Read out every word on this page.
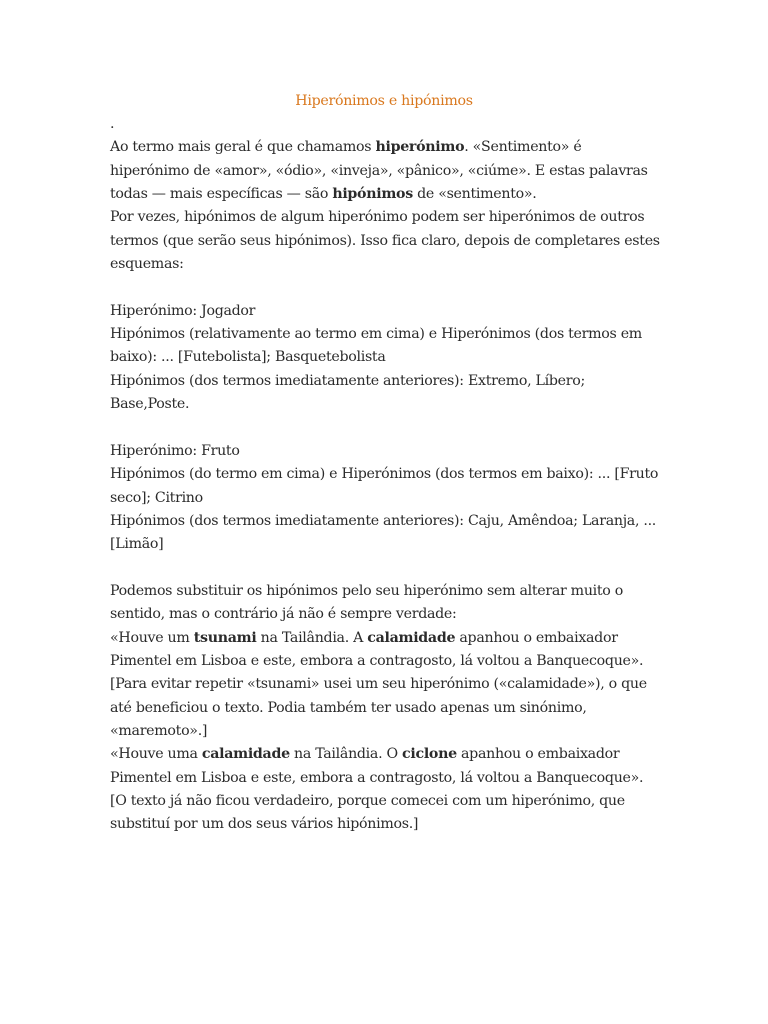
Hiperónimos e hipónimos
.
Ao termo mais geral é que chamamos hiperónimo. «Sentimento» é
hiperónimo de «amor», «ódio», «inveja», «pânico», «ciúme». E estas palavras
todas — mais específicas — são hipónimos de «sentimento».
Por vezes, hipónimos de algum hiperónimo podem ser hiperónimos de outros
termos (que serão seus hipónimos). Isso fica claro, depois de completares estes
esquemas:
Hiperónimo: Jogador
Hipónimos (relativamente ao termo em cima) e Hiperónimos (dos termos em
baixo): ... [Futebolista]; Basquetebolista
Hipónimos (dos termos imediatamente anteriores): Extremo, Líbero;
Base,Poste.
Hiperónimo: Fruto
Hipónimos (do termo em cima) e Hiperónimos (dos termos em baixo): ... [Fruto
seco]; Citrino
Hipónimos (dos termos imediatamente anteriores): Caju, Amêndoa; Laranja, ...
[Limão]
Podemos substituir os hipónimos pelo seu hiperónimo sem alterar muito o
sentido, mas o contrário já não é sempre verdade:
«Houve um tsunami na Tailândia. A calamidade apanhou o embaixador
Pimentel em Lisboa e este, embora a contragosto, lá voltou a Banquecoque».
[Para evitar repetir «tsunami» usei um seu hiperónimo («calamidade»), o que
até beneficiou o texto. Podia também ter usado apenas um sinónimo,
«maremoto».]
«Houve uma calamidade na Tailândia. O ciclone apanhou o embaixador
Pimentel em Lisboa e este, embora a contragosto, lá voltou a Banquecoque».
[O texto já não ficou verdadeiro, porque comecei com um hiperónimo, que
substituí por um dos seus vários hipónimos.]
